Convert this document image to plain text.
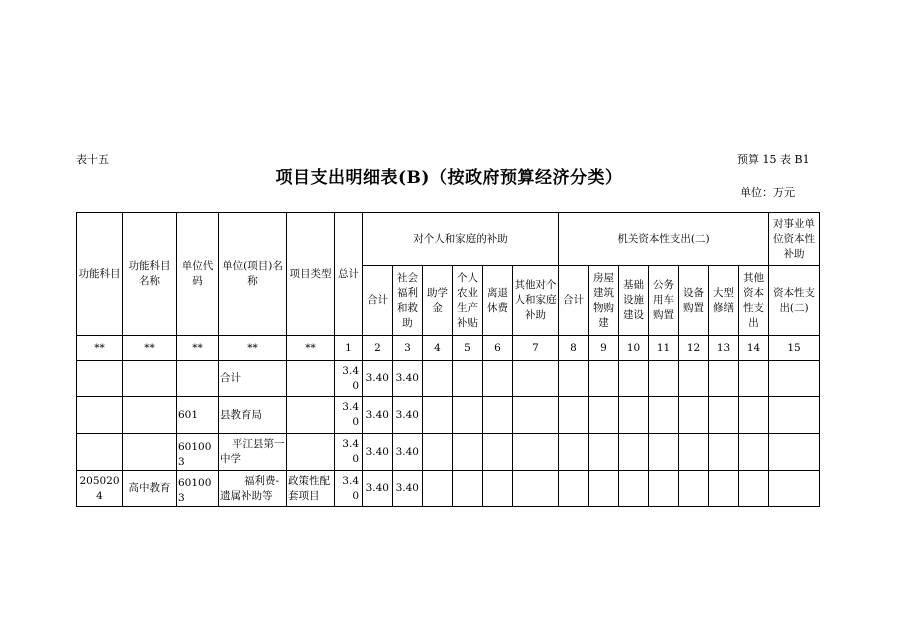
表十五	预算 15 表 B1
项目支出明细表(B)（按政府预算经济分类）
单位：万元
功能科目	功能科目名称	单位代码	单位(项目)名称	项目类型	总计	对个人和家庭的补助						机关资本性支出(二)							对事业单位资本性补助
						合计	社会福利和救助	助学金	个人农业生产补贴	离退休费	其他对个人和家庭补助	合计	房屋建筑物购建	基础设施建设	公务用车购置	设备购置	大型修缮	其他资本性支出	资本性支出(二)
**	**	**	**	**	1	2	3	4	5	6	7	8	9	10	11	12	13	14	15
			合计		3.40	3.40	3.40												
		601	县教育局		3.40	3.40	3.40												
		601003	平江县第一中学		3.40	3.40	3.40												
2050204	高中教育	601003	福利费-遗属补助等	政策性配套项目	3.40	3.40	3.40												
